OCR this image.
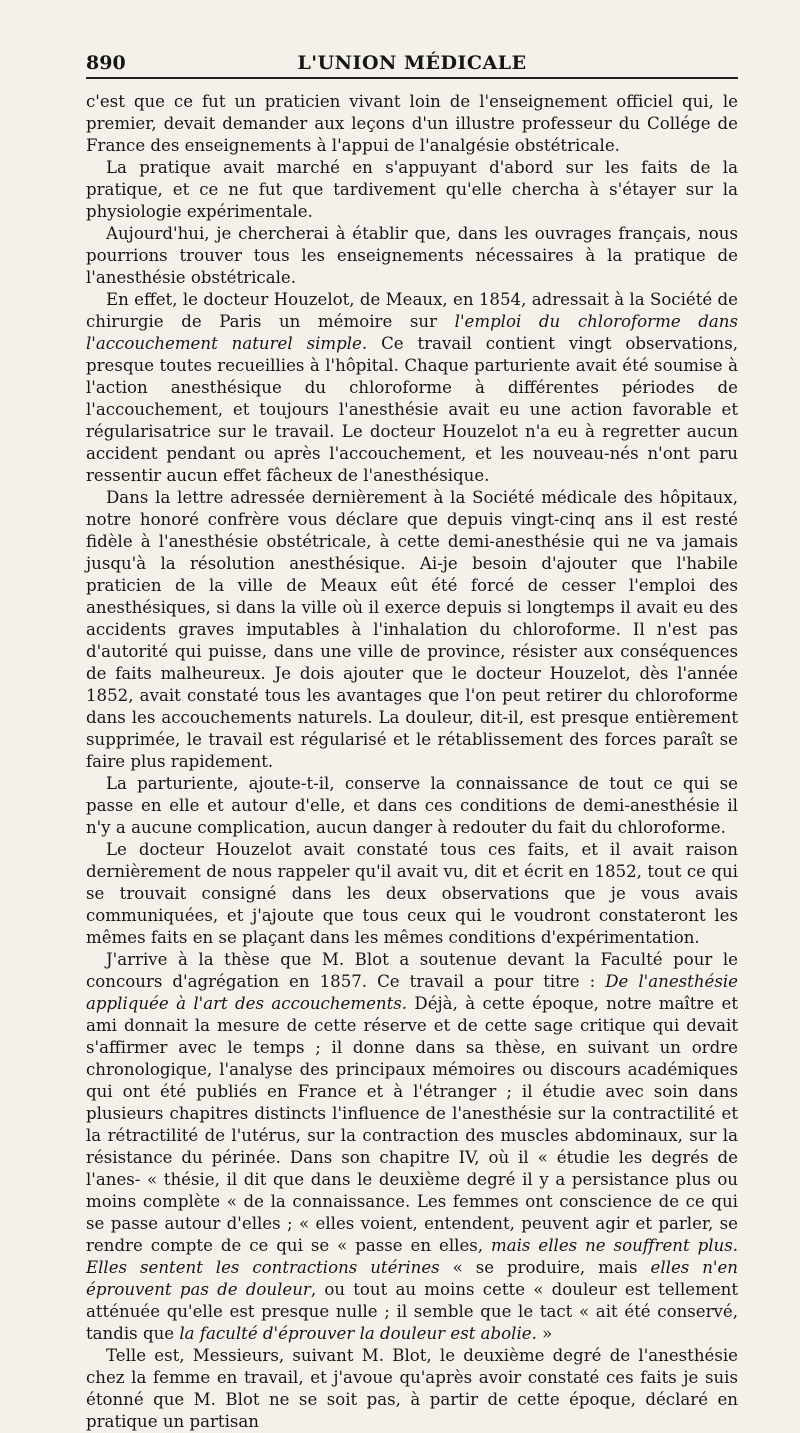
890	L'UNION MÉDICALE

c'est que ce fut un praticien vivant loin de l'enseignement officiel qui, le premier, devait demander aux leçons d'un illustre professeur du Collége de France des enseignements à l'appui de l'analgésie obstétricale.

La pratique avait marché en s'appuyant d'abord sur les faits de la pratique, et ce ne fut que tardivement qu'elle chercha à s'étayer sur la physiologie expérimentale.

Aujourd'hui, je chercherai à établir que, dans les ouvrages français, nous pourrions trouver tous les enseignements nécessaires à la pratique de l'anesthésie obstétricale.

En effet, le docteur Houzelot, de Meaux, en 1854, adressait à la Société de chirurgie de Paris un mémoire sur l'emploi du chloroforme dans l'accouchement naturel simple. Ce travail contient vingt observations, presque toutes recueillies à l'hôpital. Chaque parturiente avait été soumise à l'action anesthésique du chloroforme à différentes périodes de l'accouchement, et toujours l'anesthésie avait eu une action favorable et régularisatrice sur le travail. Le docteur Houzelot n'a eu à regretter aucun accident pendant ou après l'accouchement, et les nouveau-nés n'ont paru ressentir aucun effet fâcheux de l'anesthésique.

Dans la lettre adressée dernièrement à la Société médicale des hôpitaux, notre honoré confrère vous déclare que depuis vingt-cinq ans il est resté fidèle à l'anesthésie obstétricale, à cette demi-anesthésie qui ne va jamais jusqu'à la résolution anesthésique. Ai-je besoin d'ajouter que l'habile praticien de la ville de Meaux eût été forcé de cesser l'emploi des anesthésiques, si dans la ville où il exerce depuis si longtemps il avait eu des accidents graves imputables à l'inhalation du chloroforme. Il n'est pas d'autorité qui puisse, dans une ville de province, résister aux conséquences de faits malheureux. Je dois ajouter que le docteur Houzelot, dès l'année 1852, avait constaté tous les avantages que l'on peut retirer du chloroforme dans les accouchements naturels. La douleur, dit-il, est presque entièrement supprimée, le travail est régularisé et le rétablissement des forces paraît se faire plus rapidement.

La parturiente, ajoute-t-il, conserve la connaissance de tout ce qui se passe en elle et autour d'elle, et dans ces conditions de demi-anesthésie il n'y a aucune complication, aucun danger à redouter du fait du chloroforme.

Le docteur Houzelot avait constaté tous ces faits, et il avait raison dernièrement de nous rappeler qu'il avait vu, dit et écrit en 1852, tout ce qui se trouvait consigné dans les deux observations que je vous avais communiquées, et j'ajoute que tous ceux qui le voudront constateront les mêmes faits en se plaçant dans les mêmes conditions d'expérimentation.

J'arrive à la thèse que M. Blot a soutenue devant la Faculté pour le concours d'agrégation en 1857. Ce travail a pour titre : De l'anesthésie appliquée à l'art des accouchements. Déjà, à cette époque, notre maître et ami donnait la mesure de cette réserve et de cette sage critique qui devait s'affirmer avec le temps ; il donne dans sa thèse, en suivant un ordre chronologique, l'analyse des principaux mémoires ou discours académiques qui ont été publiés en France et à l'étranger ; il étudie avec soin dans plusieurs chapitres distincts l'influence de l'anesthésie sur la contractilité et la rétractilité de l'utérus, sur la contraction des muscles abdominaux, sur la résistance du périnée. Dans son chapitre IV, où il « étudie les degrés de l'anes- « thésie, il dit que dans le deuxième degré il y a persistance plus ou moins complète « de la connaissance. Les femmes ont conscience de ce qui se passe autour d'elles ; « elles voient, entendent, peuvent agir et parler, se rendre compte de ce qui se « passe en elles, mais elles ne souffrent plus. Elles sentent les contractions utérines « se produire, mais elles n'en éprouvent pas de douleur, ou tout au moins cette « douleur est tellement atténuée qu'elle est presque nulle ; il semble que le tact « ait été conservé, tandis que la faculté d'éprouver la douleur est abolie. »

Telle est, Messieurs, suivant M. Blot, le deuxième degré de l'anesthésie chez la femme en travail, et j'avoue qu'après avoir constaté ces faits je suis étonné que M. Blot ne se soit pas, à partir de cette époque, déclaré en pratique un partisan
